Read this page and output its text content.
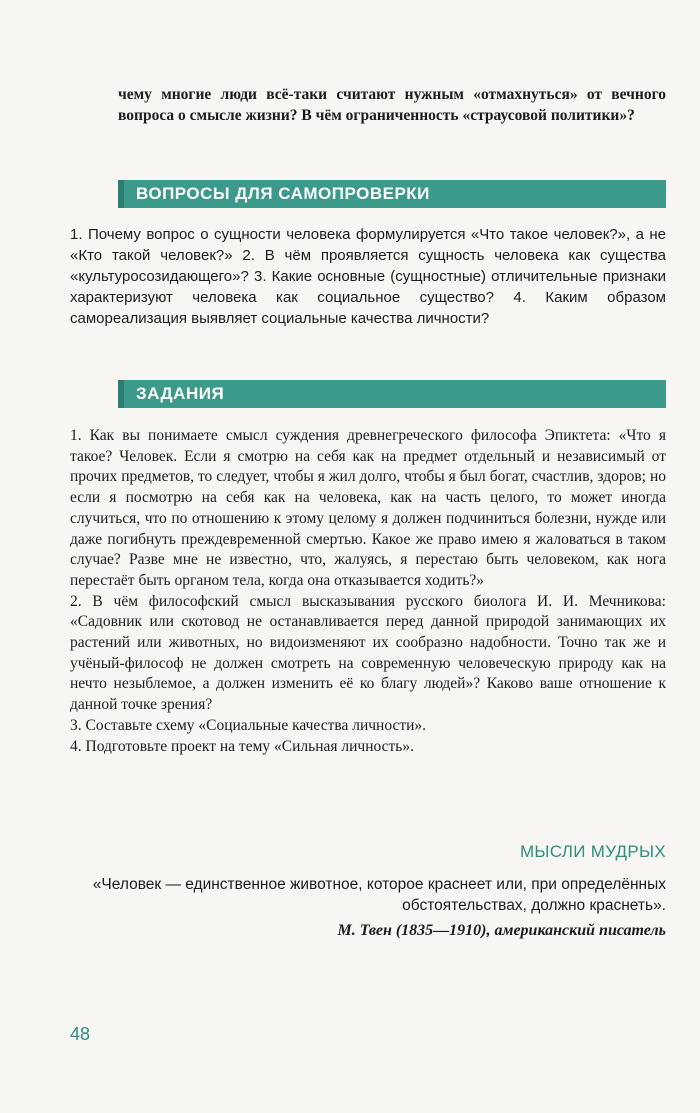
чему многие люди всё-таки считают нужным «отмахнуться» от вечного вопроса о смысле жизни? В чём ограниченность «страусовой политики»?
ВОПРОСЫ ДЛЯ САМОПРОВЕРКИ
1. Почему вопрос о сущности человека формулируется «Что такое человек?», а не «Кто такой человек?» 2. В чём проявляется сущность человека как существа «культуросозидающего»? 3. Какие основные (сущностные) отличительные признаки характеризуют человека как социальное существо? 4. Каким образом самореализация выявляет социальные качества личности?
ЗАДАНИЯ

1. Как вы понимаете смысл суждения древнегреческого философа Эпиктета: «Что я такое? Человек. Если я смотрю на себя как на предмет отдельный и независимый от прочих предметов, то следует, чтобы я жил долго, чтобы я был богат, счастлив, здоров; но если я посмотрю на себя как на человека, как на часть целого, то может иногда случиться, что по отношению к этому целому я должен подчиниться болезни, нужде или даже погибнуть преждевременной смертью. Какое же право имею я жаловаться в таком случае? Разве мне не известно, что, жалуясь, я перестаю быть человеком, как нога перестаёт быть органом тела, когда она отказывается ходить?»

2. В чём философский смысл высказывания русского биолога И. И. Мечникова: «Садовник или скотовод не останавливается перед данной природой занимающих их растений или животных, но видоизменяют их сообразно надобности. Точно так же и учёный-философ не должен смотреть на современную человеческую природу как на нечто незыблемое, а должен изменить её ко благу людей»? Каково ваше отношение к данной точке зрения?

3. Составьте схему «Социальные качества личности».

4. Подготовьте проект на тему «Сильная личность».

МЫСЛИ МУДРЫХ
«Человек — единственное животное, которое краснеет или, при определённых обстоятельствах, должно краснеть».
М. Твен (1835—1910), американский писатель
48
